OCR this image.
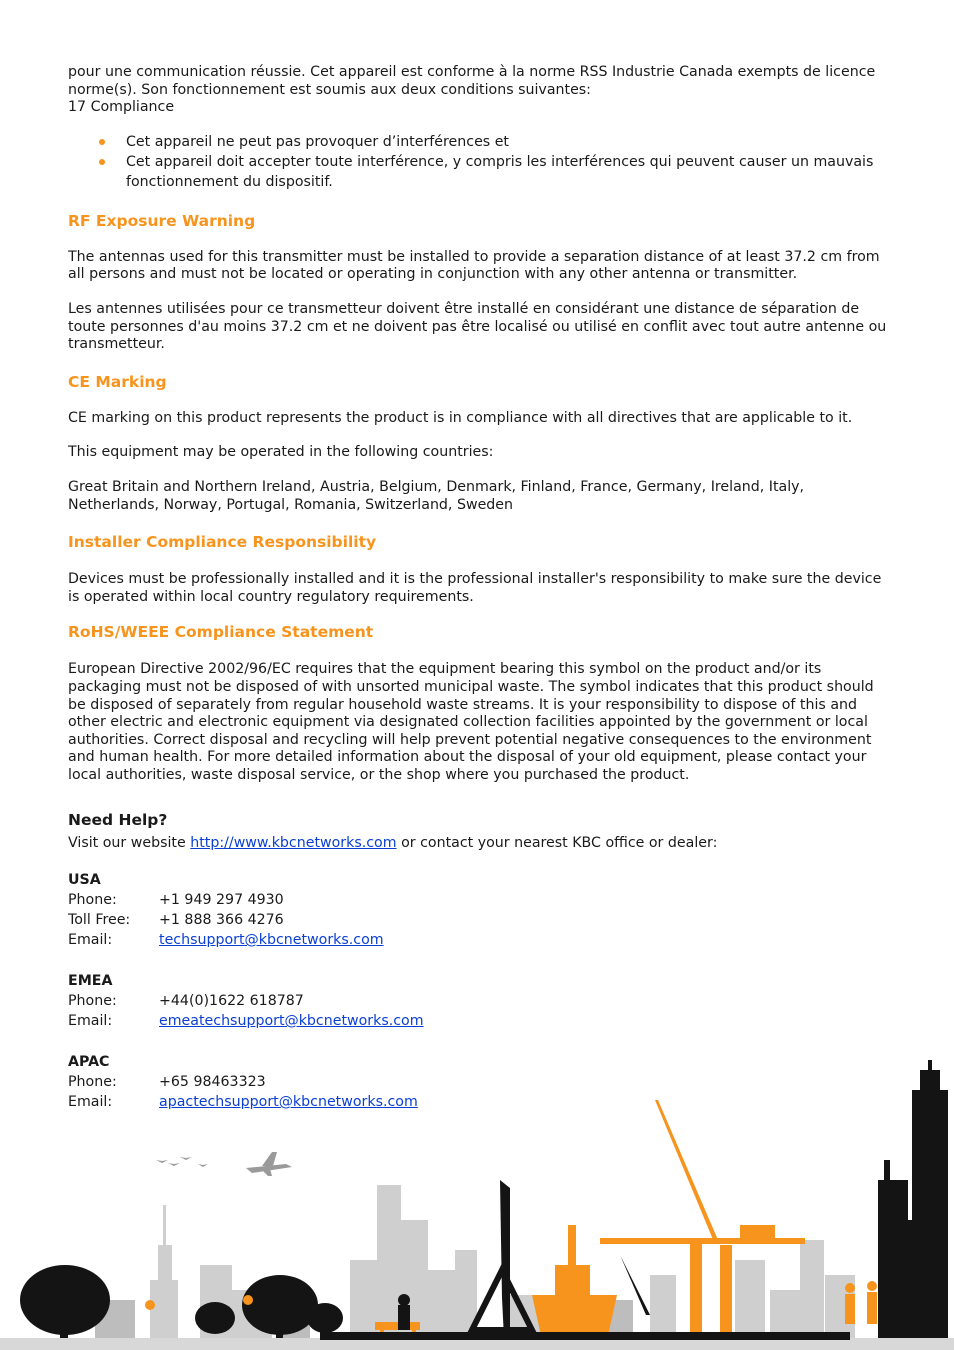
pour une communication réussie. Cet appareil est conforme à la norme RSS Industrie Canada exempts de licence norme(s). Son fonctionnement est soumis aux deux conditions suivantes:

17 Compliance

Cet appareil ne peut pas provoquer d’interférences et
Cet appareil doit accepter toute interférence, y compris les interférences qui peuvent causer un mauvais fonctionnement du dispositif.
RF Exposure Warning

The antennas used for this transmitter must be installed to provide a separation distance of at least 37.2 cm from all persons and must not be located or operating in conjunction with any other antenna or transmitter.

Les antennes utilisées pour ce transmetteur doivent être installé en considérant une distance de séparation de toute personnes d'au moins 37.2 cm et ne doivent pas être localisé ou utilisé en conflit avec tout autre antenne ou transmetteur.

CE Marking

CE marking on this product represents the product is in compliance with all directives that are applicable to it.

This equipment may be operated in the following countries:

Great Britain and Northern Ireland, Austria, Belgium, Denmark, Finland, France, Germany, Ireland, Italy, Netherlands, Norway, Portugal, Romania, Switzerland, Sweden

Installer Compliance Responsibility

Devices must be professionally installed and it is the professional installer's responsibility to make sure the device is operated within local country regulatory requirements.

RoHS/WEEE Compliance Statement

European Directive 2002/96/EC requires that the equipment bearing this symbol on the product and/or its packaging must not be disposed of with unsorted municipal waste. The symbol indicates that this product should be disposed of separately from regular household waste streams. It is your responsibility to dispose of this and other electric and electronic equipment via designated collection facilities appointed by the government or local authorities. Correct disposal and recycling will help prevent potential negative consequences to the environment and human health. For more detailed information about the disposal of your old equipment, please contact your local authorities, waste disposal service, or the shop where you purchased the product.

Need Help?

Visit our website http://www.kbcnetworks.com or contact your nearest KBC office or dealer:

USA
Phone:	+1 949 297 4930
Toll Free:	+1 888 366 4276
Email:	techsupport@kbcnetworks.com
EMEA
Phone:	+44(0)1622 618787
Email:	emeatechsupport@kbcnetworks.com
APAC
Phone:	+65 98463323
Email:	apactechsupport@kbcnetworks.com
